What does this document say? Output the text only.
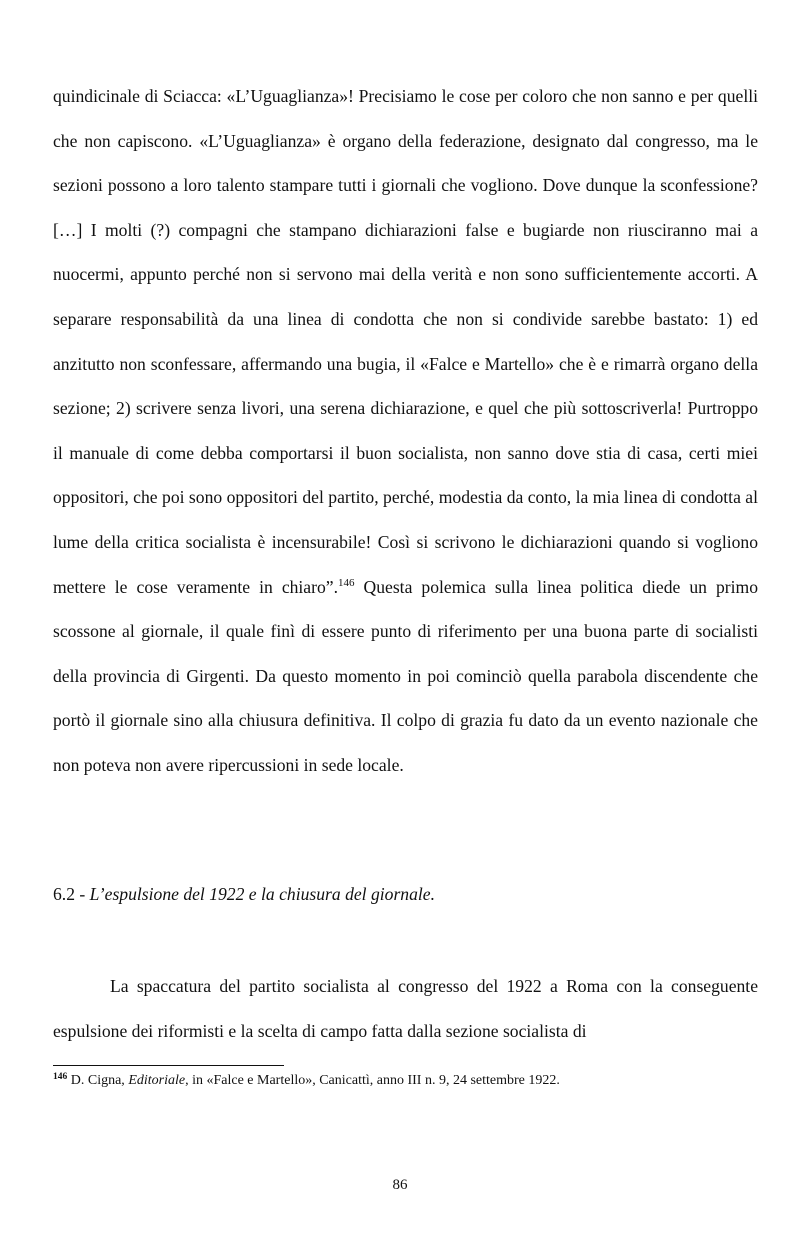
quindicinale di Sciacca: «L’Uguaglianza»! Precisiamo le cose per coloro che non sanno e per quelli che non capiscono. «L’Uguaglianza» è organo della federazione, designato dal congresso, ma le sezioni possono a loro talento stampare tutti i giornali che vogliono. Dove dunque la sconfessione? […] I molti (?) compagni che stampano dichiarazioni false e bugiarde non riusciranno mai a nuocermi, appunto perché non si servono mai della verità e non sono sufficientemente accorti. A separare responsabilità da una linea di condotta che non si condivide sarebbe bastato: 1) ed anzitutto non sconfessare, affermando una bugia, il «Falce e Martello» che è e rimarrà organo della sezione; 2) scrivere senza livori, una serena dichiarazione, e quel che più sottoscriverla! Purtroppo il manuale di come debba comportarsi il buon socialista, non sanno dove stia di casa, certi miei oppositori, che poi sono oppositori del partito, perché, modestia da conto, la mia linea di condotta al lume della critica socialista è incensurabile! Così si scrivono le dichiarazioni quando si vogliono mettere le cose veramente in chiaro”.$^{146}$ Questa polemica sulla linea politica diede un primo scossone al giornale, il quale finì di essere punto di riferimento per una buona parte di socialisti della provincia di Girgenti. Da questo momento in poi cominciò quella parabola discendente che portò il giornale sino alla chiusura definitiva. Il colpo di grazia fu dato da un evento nazionale che non poteva non avere ripercussioni in sede locale.

6.2 - L’espulsione del 1922 e la chiusura del giornale.

La spaccatura del partito socialista al congresso del 1922 a Roma con la conseguente espulsione dei riformisti e la scelta di campo fatta dalla sezione socialista di

$^{146}$ D. Cigna, Editoriale, in «Falce e Martello», Canicattì, anno III n. 9, 24 settembre 1922.

86
